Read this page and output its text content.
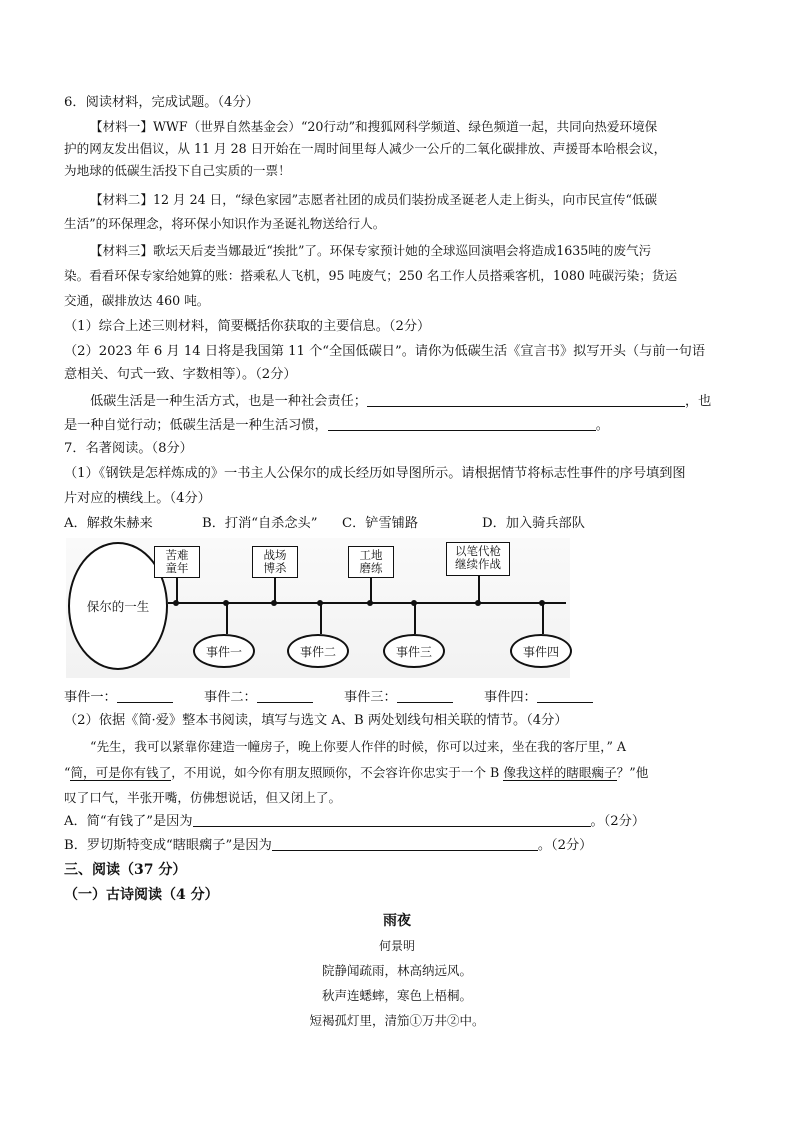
6．阅读材料，完成试题。（4分）
【材料一】WWF（世界自然基金会）“20行动”和搜狐网科学频道、绿色频道一起，共同向热爱环境保
护的网友发出倡议，从 11 月 28 日开始在一周时间里每人减少一公斤的二氧化碳排放、声援哥本哈根会议，
为地球的低碳生活投下自己实质的一票！
【材料二】12 月 24 日，“绿色家园”志愿者社团的成员们装扮成圣诞老人走上街头，向市民宣传“低碳
生活”的环保理念，将环保小知识作为圣诞礼物送给行人。
【材料三】歌坛天后麦当娜最近“挨批”了。环保专家预计她的全球巡回演唱会将造成1635吨的废气污
染。看看环保专家给她算的账：搭乘私人飞机，95 吨废气；250 名工作人员搭乘客机，1080 吨碳污染；货运
交通，碳排放达 460 吨。
（1）综合上述三则材料，简要概括你获取的主要信息。（2分）
（2）2023 年 6 月 14 日将是我国第 11 个“全国低碳日”。请你为低碳生活《宣言书》拟写开头（与前一句语
意相关、句式一致、字数相等）。（2分）
低碳生活是一种生活方式，也是一种社会责任；	，也
是一种自觉行动；低碳生活是一种生活习惯，	。
7．名著阅读。（8分）
（1）《钢铁是怎样炼成的》一书主人公保尔的成长经历如导图所示。请根据情节将标志性事件的序号填到图
片对应的横线上。（4分）
A．解救朱赫来	B．打消“自杀念头” C．铲雪铺路	D．加入骑兵部队
保尔的一生
苦难
童年
战场
博杀
工地
磨练
以笔代枪
继续作战
事件一	事件二	事件三	事件四
事件一：	事件二：	事件三：	事件四：
（2）依据《简·爱》整本书阅读，填写与选文 A、B 两处划线句相关联的情节。（4分）
“先生，我可以紧靠你建造一幢房子，晚上你要人作伴的时候，你可以过来，坐在我的客厅里，” A
“简，可是你有钱了，不用说，如今你有朋友照顾你，不会容许你忠实于一个 B 像我这样的瞎眼瘸子？”他
叹了口气，半张开嘴，仿佛想说话，但又闭上了。
A．简“有钱了”是因为	。（2分）
B．罗切斯特变成“瞎眼瘸子”是因为	。（2分）
三、阅读（37 分）
（一）古诗阅读（4 分）
雨夜
何景明
院静闻疏雨，林高纳远风。
秋声连蟋蟀，寒色上梧桐。
短褐孤灯里，清笳①万井②中。
